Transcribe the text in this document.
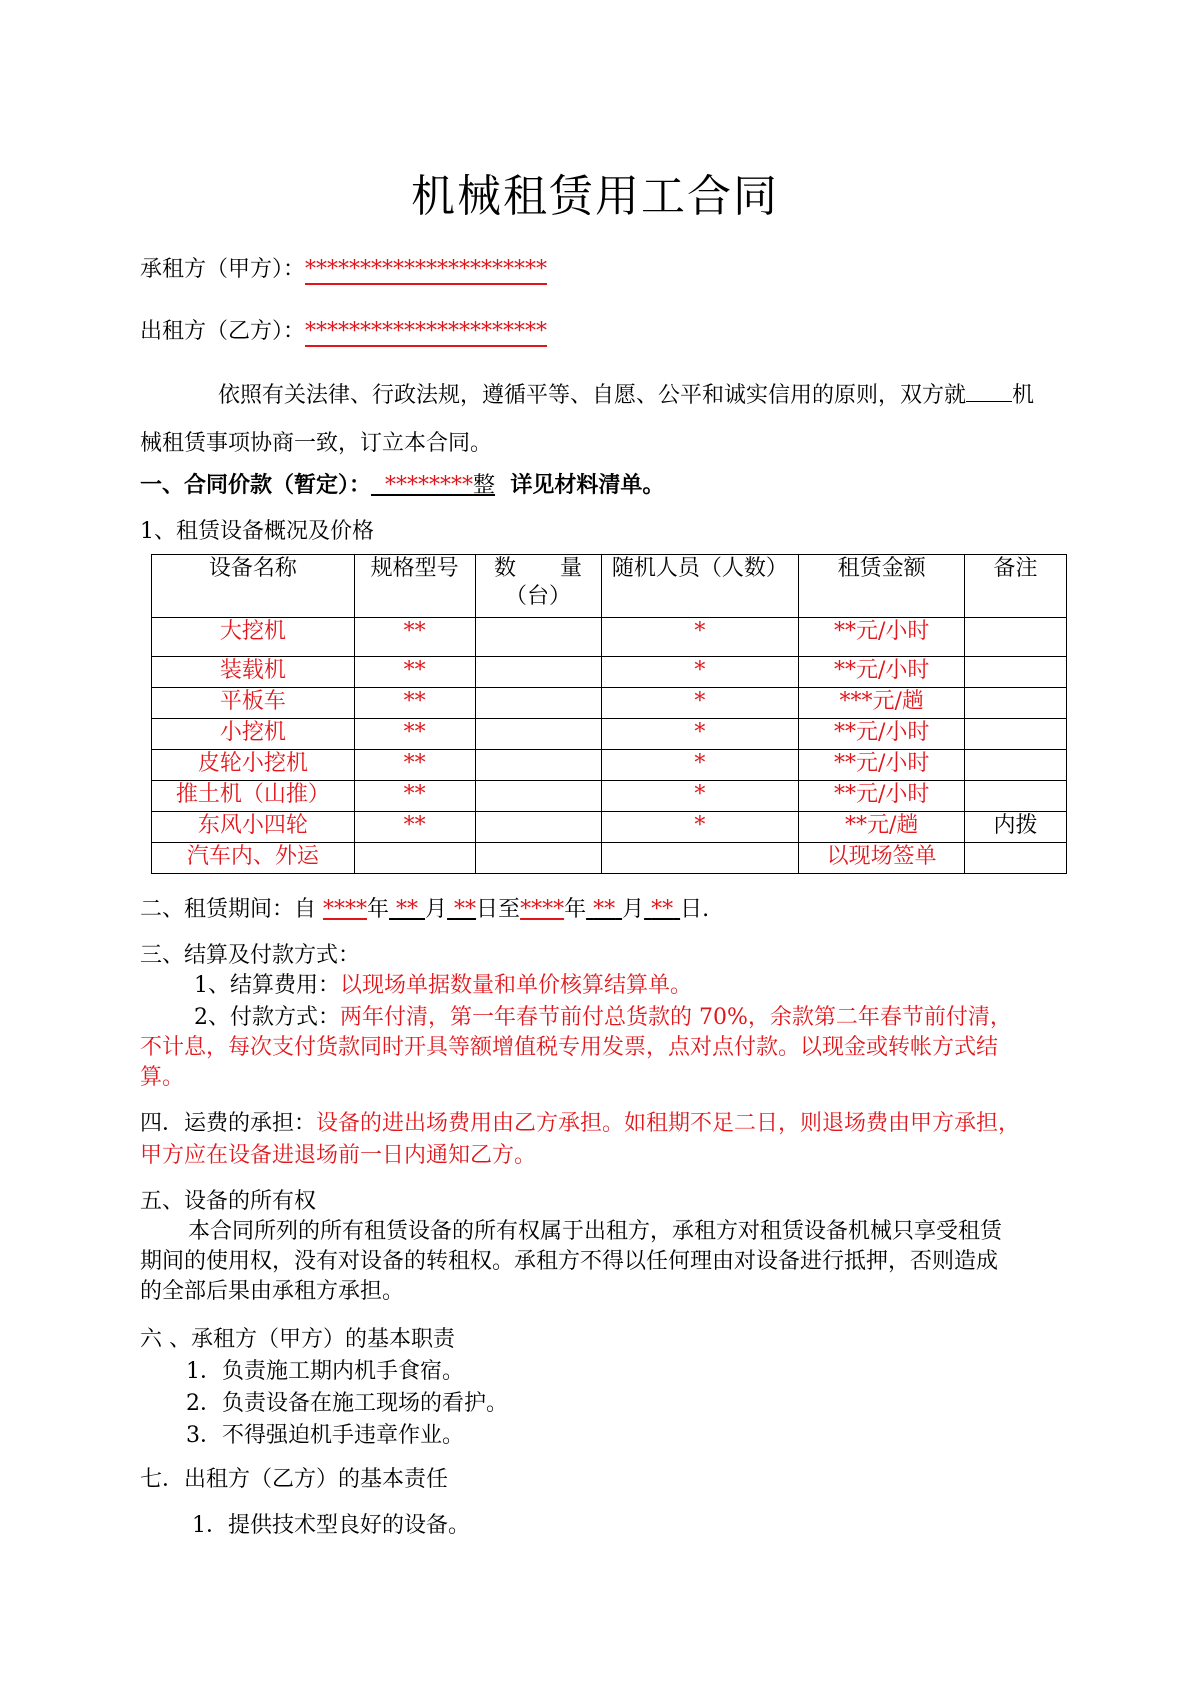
机械租赁用工合同
承租方（甲方）：**********************
出租方（乙方）：**********************
依照有关法律、行政法规，遵循平等、自愿、公平和诚实信用的原则，双方就 机
械租赁事项协商一致，订立本合同。
一、合同价款（暂定）： ********整 详见材料清单。
1、租赁设备概况及价格
设备名称	规格型号	数　　量（台）	随机人员（人数）	租赁金额	备注
大挖机	**		*	**元/小时	
装载机	**		*	**元/小时	
平板车	**		*	***元/趟	
小挖机	**		*	**元/小时	
皮轮小挖机	**		*	**元/小时	
推土机（山推）	**		*	**元/小时	
东风小四轮	**		*	**元/趟	内拨
汽车内、外运				以现场签单	
二、租赁期间：自 ****年 ** 月 **日至****年 ** 月 ** 日.
三、结算及付款方式：
1、结算费用：以现场单据数量和单价核算结算单。
2、付款方式：两年付清，第一年春节前付总货款的 70%，余款第二年春节前付清，
不计息，每次支付货款同时开具等额增值税专用发票，点对点付款。以现金或转帐方式结
算。
四．运费的承担：设备的进出场费用由乙方承担。如租期不足二日，则退场费由甲方承担，
甲方应在设备进退场前一日内通知乙方。
五、设备的所有权
本合同所列的所有租赁设备的所有权属于出租方，承租方对租赁设备机械只享受租赁
期间的使用权，没有对设备的转租权。承租方不得以任何理由对设备进行抵押，否则造成
的全部后果由承租方承担。
六 、承租方（甲方）的基本职责
1．负责施工期内机手食宿。
2．负责设备在施工现场的看护。
3．不得强迫机手违章作业。
七．出租方（乙方）的基本责任
1．提供技术型良好的设备。
